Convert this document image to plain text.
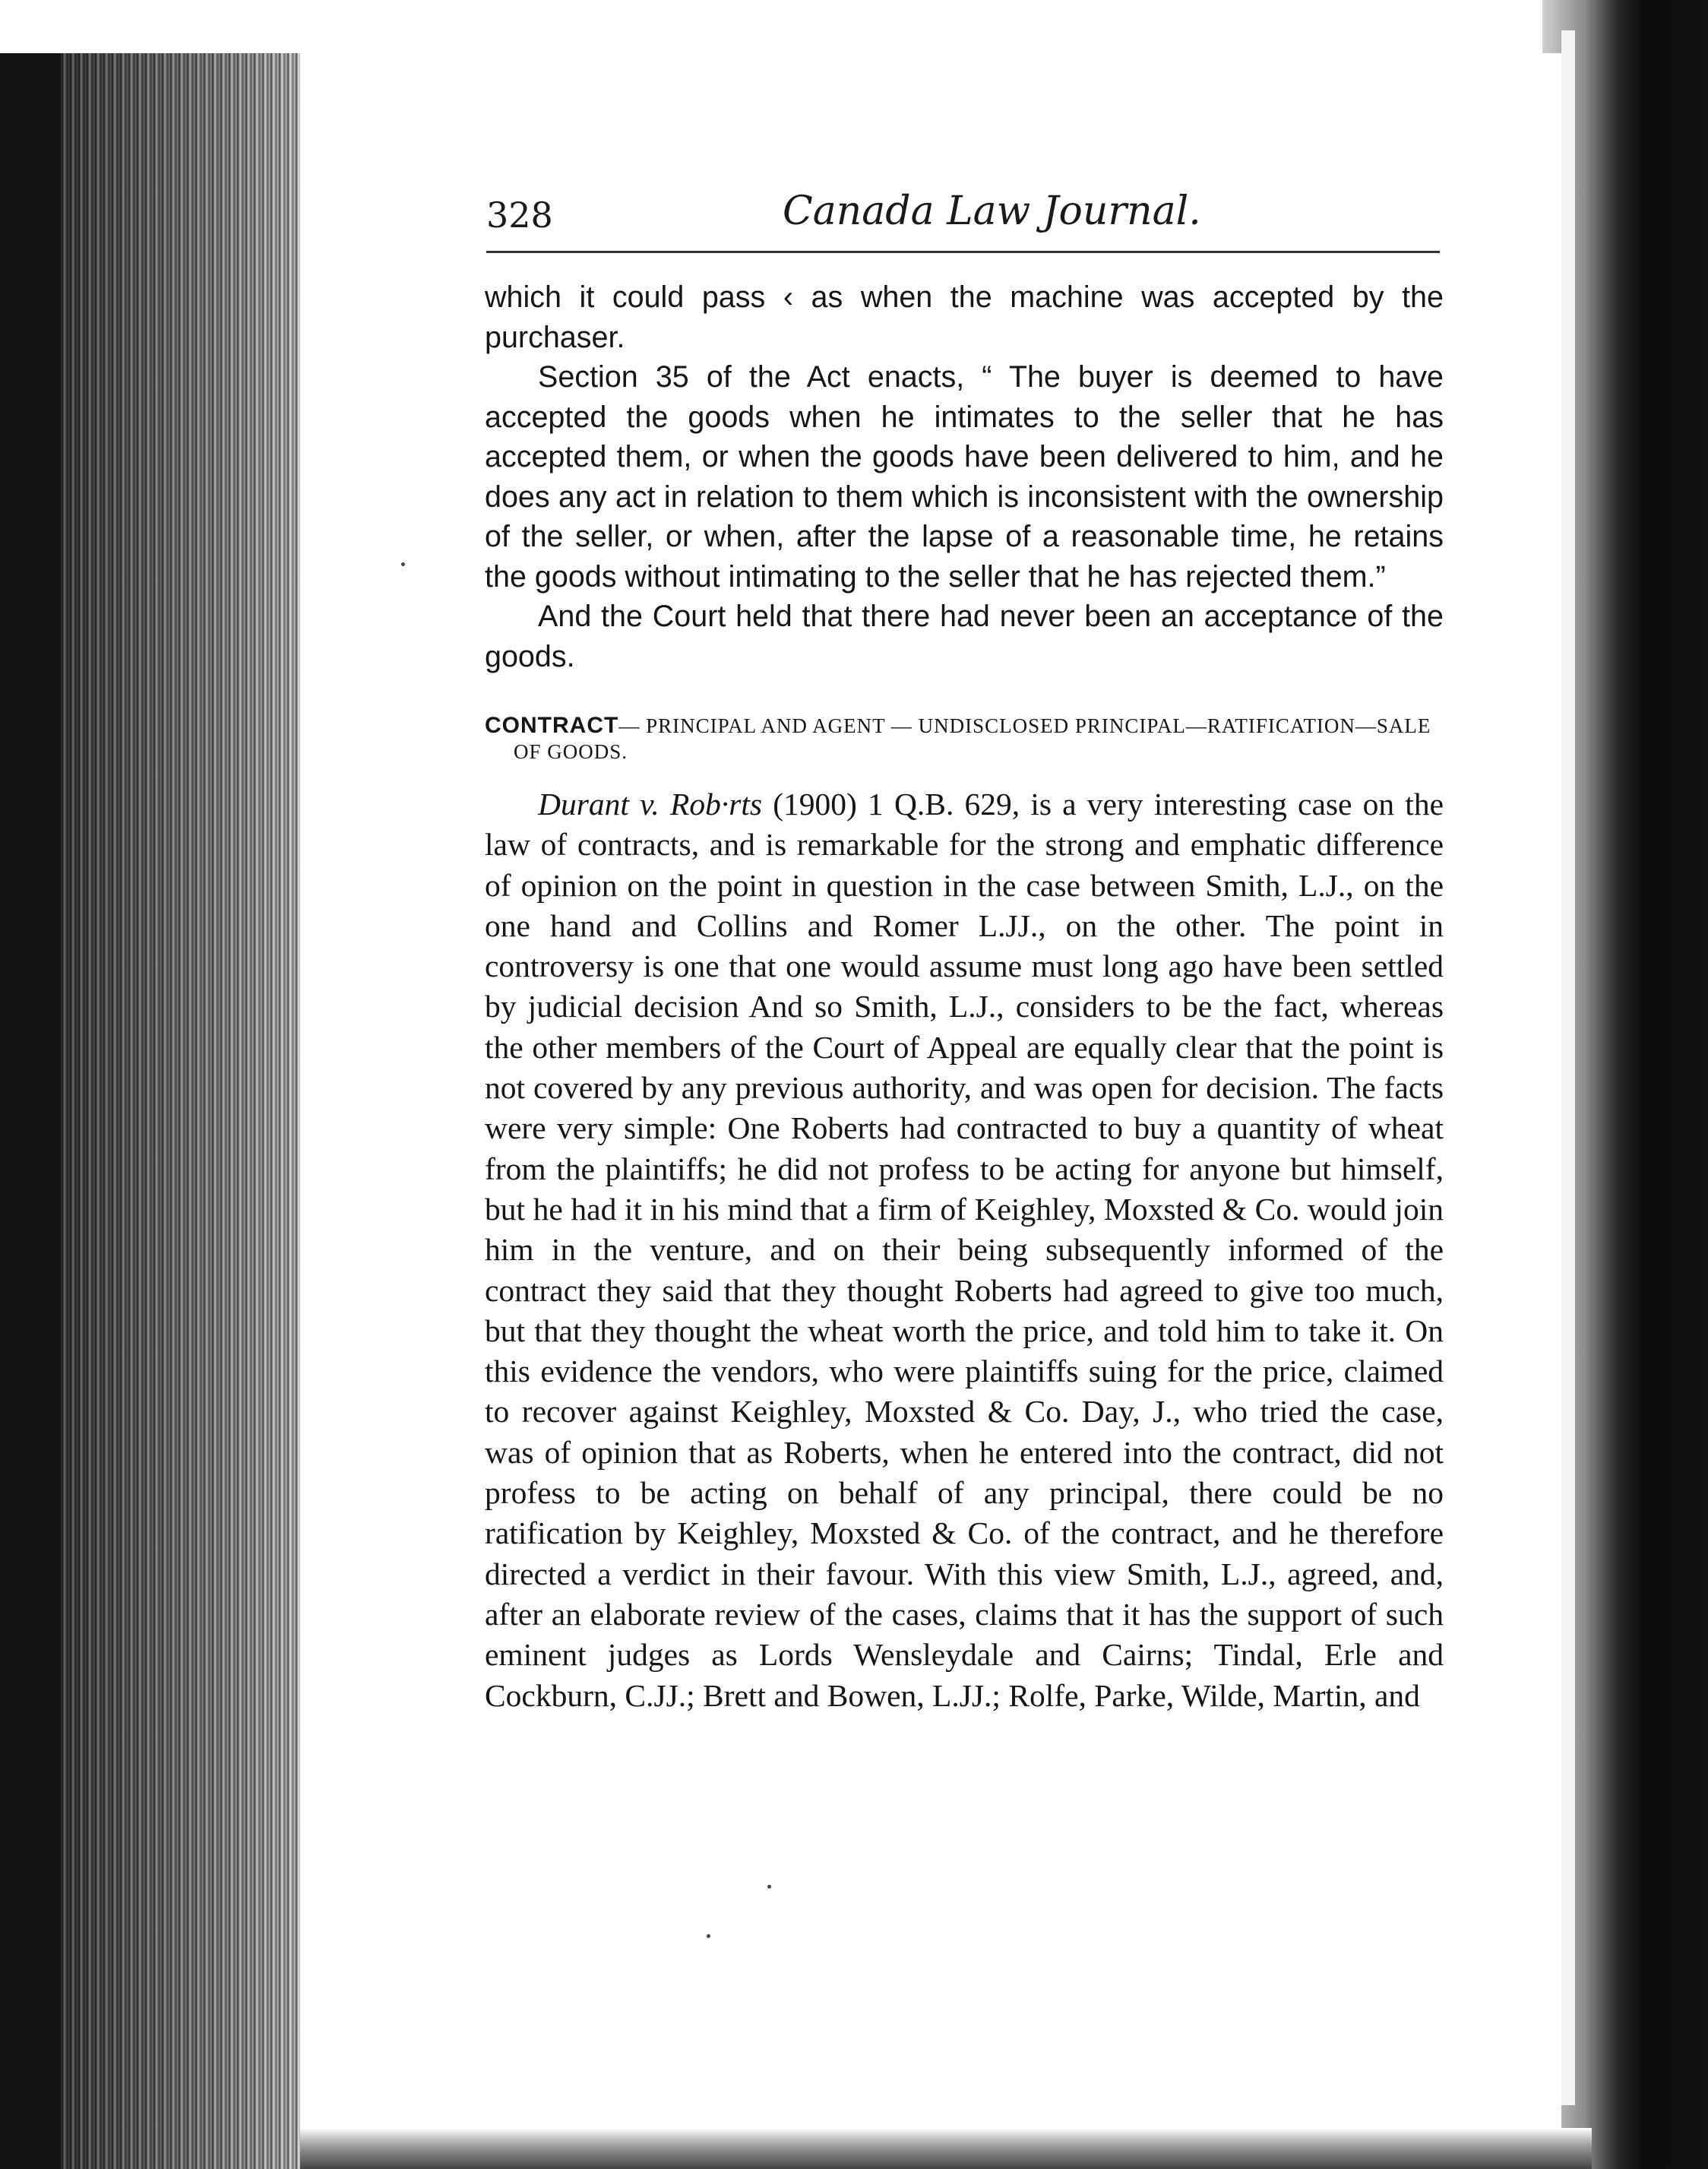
328	Canada Law Journal.

which it could pass ‹ as when the machine was accepted by the purchaser.

Section 35 of the Act enacts, “ The buyer is deemed to have accepted the goods when he intimates to the seller that he has accepted them, or when the goods have been delivered to him, and he does any act in relation to them which is inconsistent with the ownership of the seller, or when, after the lapse of a reasonable time, he retains the goods without intimating to the seller that he has rejected them.”

And the Court held that there had never been an acceptance of the goods.

CONTRACT— PRINCIPAL AND AGENT — UNDISCLOSED PRINCIPAL—RATIFICATION—SALE OF GOODS.

Durant v. Rob·rts (1900) 1 Q.B. 629, is a very interesting case on the law of contracts, and is remarkable for the strong and emphatic difference of opinion on the point in question in the case between Smith, L.J., on the one hand and Collins and Romer L.JJ., on the other. The point in controversy is one that one would assume must long ago have been settled by judicial decision And so Smith, L.J., considers to be the fact, whereas the other members of the Court of Appeal are equally clear that the point is not covered by any previous authority, and was open for decision. The facts were very simple: One Roberts had contracted to buy a quantity of wheat from the plaintiffs; he did not profess to be acting for anyone but himself, but he had it in his mind that a firm of Keighley, Moxsted & Co. would join him in the venture, and on their being subsequently informed of the contract they said that they thought Roberts had agreed to give too much, but that they thought the wheat worth the price, and told him to take it. On this evidence the vendors, who were plaintiffs suing for the price, claimed to recover against Keighley, Moxsted & Co. Day, J., who tried the case, was of opinion that as Roberts, when he entered into the contract, did not profess to be acting on behalf of any principal, there could be no ratification by Keighley, Moxsted & Co. of the contract, and he therefore directed a verdict in their favour. With this view Smith, L.J., agreed, and, after an elaborate review of the cases, claims that it has the support of such eminent judges as Lords Wensleydale and Cairns; Tindal, Erle and Cockburn, C.JJ.; Brett and Bowen, L.JJ.; Rolfe, Parke, Wilde, Martin, and
